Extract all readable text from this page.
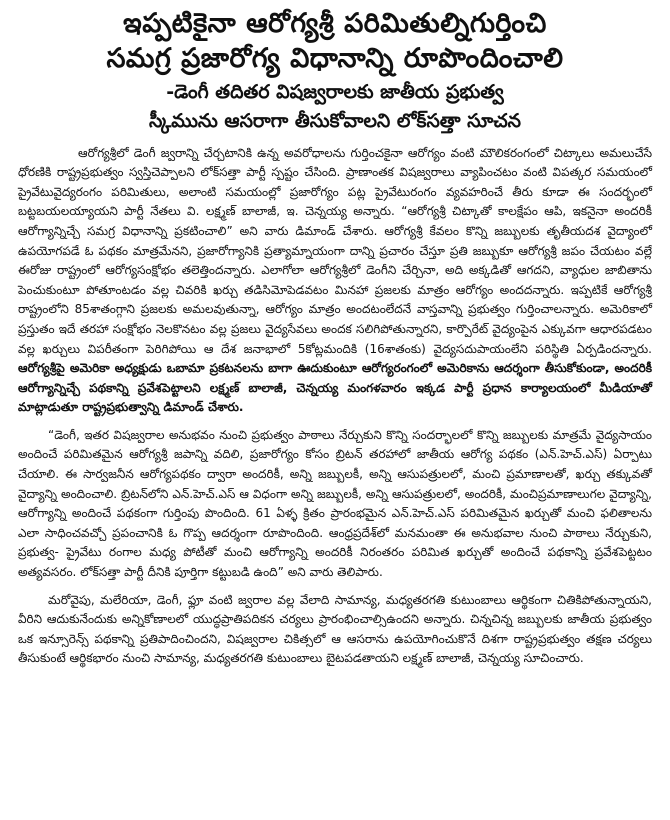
ఇప్పటికైనా ఆరోగ్యశ్రీ పరిమితుల్నిగుర్తించి
సమగ్ర ప్రజారోగ్య విధానాన్ని రూపొందించాలి
-డెంగీ తదితర విషజ్వరాలకు జాతీయ ప్రభుత్వ
స్కీమును ఆసరాగా తీసుకోవాలని లోక్‌సత్తా సూచన

ఆరోగ్యశ్రీలో డెంగీ జ్వరాన్ని చేర్చటానికి ఉన్న అవరోధాలను గుర్తించకైనా ఆరోగ్యం వంటి మౌలికరంగంలో చిట్కాలు అమలుచేసే ధోరణికి రాష్ట్రప్రభుత్వం స్వస్తిచెప్పాలని లోక్‌సత్తా పార్టీ స్పష్టం చేసింది. ప్రాణాంతక విషజ్వరాలు వ్యాపించటం వంటి విపత్కర సమయంలో ప్రైవేటువైద్యరంగం పరిమితులు, అలాంటి సమయంల్లో ప్రజారోగ్యం పట్ల ప్రైవేటురంగం వ్యవహరించే తీరు కూడా ఈ సందర్భంలో బట్టబయలయ్యాయని పార్టీ నేతలు వి. లక్ష్మణ్ బాలాజీ, ఇ. చెన్నయ్య అన్నారు. “ఆరోగ్యశ్రీ చిట్కాతో కాలక్షేపం ఆపి, ఇకనైనా అందరికీ ఆరోగ్యాన్నిచ్చే సమగ్ర విధానాన్ని ప్రకటించాలి” అని వారు డిమాండ్ చేశారు. ఆరోగ్యశ్రీ కేవలం కొన్ని జబ్బులకు తృతీయదశ వైద్యాంలో ఉపయోగపడే ఓ పథకం మాత్రమేనని, ప్రజారోగ్యానికి ప్రత్యామ్నాయంగా దాన్ని ప్రచారం చేస్తూ ప్రతి జబ్బుకూ ఆరోగ్యశ్రీ జపం చేయటం వల్లే ఈరోజు రాష్ట్రంలో ఆరోగ్యసంక్షోభం తలెత్తిందన్నారు. ఎలాగోలా ఆరోగ్యశ్రీలో డెంగీని చేర్చినా, అది అక్కడితో ఆగదని, వ్యాధుల జాబితాను పెంచుకుంటూ పోతూంటడం వల్ల చివరికి ఖర్చు తడిసిమోపెడవటం మినహా ప్రజలకు మాత్రం ఆరోగ్యం అందదన్నారు. ఇప్పటికే ఆరోగ్యశ్రీ రాష్ట్రంలోని 85శాతంగ్గాని ప్రజలకు అమలవుతున్నా, ఆరోగ్యం మాత్రం అందటంలేదనే వాస్తవాన్ని ప్రభుత్వం గుర్తించాలన్నారు. అమెరికాలో ప్రస్తుతం ఇదే తరహా సంక్షోభం నెలకొనటం వల్ల ప్రజలు వైద్యసేవలు అందక సలిగిపోతున్నారని, కార్పొరేట్ వైద్యంపైన ఎక్కువగా ఆధారపడటం వల్ల ఖర్చులు విపరీతంగా పెరిగిపోయి ఆ దేశ జనాభాలో 5కోట్లమందికి (16శాతంకు) వైద్యసదుపాయంలేని పరిస్థితి ఏర్పడిందన్నారు. ఆరోగ్యశ్రీపై అమెరికా అధ్యక్షుడు ఒబామా ప్రకటనలను బాగా ఊదుకుంటూ ఆరోగ్యరంగంలో అమెరికాను ఆదర్శంగా తీసుకోకుండా, అందరికీ ఆరోగ్యాన్నిచ్చే పథకాన్ని ప్రవేశపెట్టాలని లక్ష్మణ్ బాలాజీ, చెన్నయ్య మంగళవారం ఇక్కడ పార్టీ ప్రధాన కార్యాలయంలో మీడియాతో మాట్లాడుతూ రాష్ట్రప్రభుత్వాన్ని డిమాండ్ చేశారు.

“డెంగీ, ఇతర విషజ్వరాల అనుభవం నుంచి ప్రభుత్వం పాఠాలు నేర్చుకుని కొన్ని సందర్భాలలో కొన్ని జబ్బులకు మాత్రమే వైద్యసాయం అందించే పరిమితమైన ఆరోగ్యశ్రీ జపాన్ని వదిలి, ప్రజారోగ్యం కోసం బ్రిటన్ తరహాలో జాతీయ ఆరోగ్య పథకం (ఎన్.హెచ్.ఎస్) ఏర్పాటు చేయాలి. ఈ సార్వజనీన ఆరోగ్యపథకం ద్వారా అందరికీ, అన్ని జబ్బులకీ, అన్ని ఆసుపత్రులలో, మంచి ప్రమాణాలతో, ఖర్చు తక్కువతో వైద్యాన్ని అందించాలి. బ్రిటన్‌లోని ఎన్.హెచ్.ఎస్ ఆ విధంగా అన్ని జబ్బులకీ, అన్ని ఆసుపత్రులలో, అందరికీ, మంచిప్రమాణాలుగల వైద్యాన్ని, ఆరోగ్యాన్ని అందించే పథకంగా గుర్తింపు పొందింది. 61 ఏళ్ళ క్రితం ప్రారంభమైన ఎన్.హెచ్.ఎస్ పరిమితమైన ఖర్చుతో మంచి ఫలితాలను ఎలా సాధించవచ్చో ప్రపంచానికి ఓ గొప్ప ఆదర్శంగా రూపొందింది. ఆంధ్రప్రదేశ్‌లో మనమంతా ఈ అనుభవాల నుంచి పాఠాలు నేర్చుకుని, ప్రభుత్వ- ప్రైవేటు రంగాల మధ్య పోటీతో మంచి ఆరోగ్యాన్ని అందరికీ నిరంతరం పరిమిత ఖర్చుతో అందించే పథకాన్ని ప్రవేశపెట్టటం అత్యవసరం. లోక్‌సత్తా పార్టీ దీనికి పూర్తిగా కట్టుబడి ఉంది” అని వారు తెలిపారు.

మరోవైపు, మలేరియా, డెంగీ, ఫ్లూ వంటి జ్వరాల వల్ల వేలాది సామాన్య, మధ్యతరగతి కుటుంబాలు ఆర్థికంగా చితికిపోతున్నాయని, వీరిని ఆదుకునేందుకు అన్నికోణాలలో యుద్ధప్రాతిపదికన చర్యలు ప్రారంభించాల్సిఉందని అన్నారు. చిన్నచిన్న జబ్బులకు జాతీయ ప్రభుత్వం ఒక ఇన్సూరెన్స్ పథకాన్ని ప్రతిపాదించిందని, విషజ్వరాల చికిత్సలో ఆ ఆసరాను ఉపయోగించుకొనే దిశగా రాష్ట్రప్రభుత్వం తక్షణ చర్యలు తీసుకుంటే ఆర్థికభారం నుంచి సామాన్య, మధ్యతరగతి కుటుంబాలు బైటపడతాయని లక్ష్మణ్ బాలాజీ, చెన్నయ్య సూచించారు.
